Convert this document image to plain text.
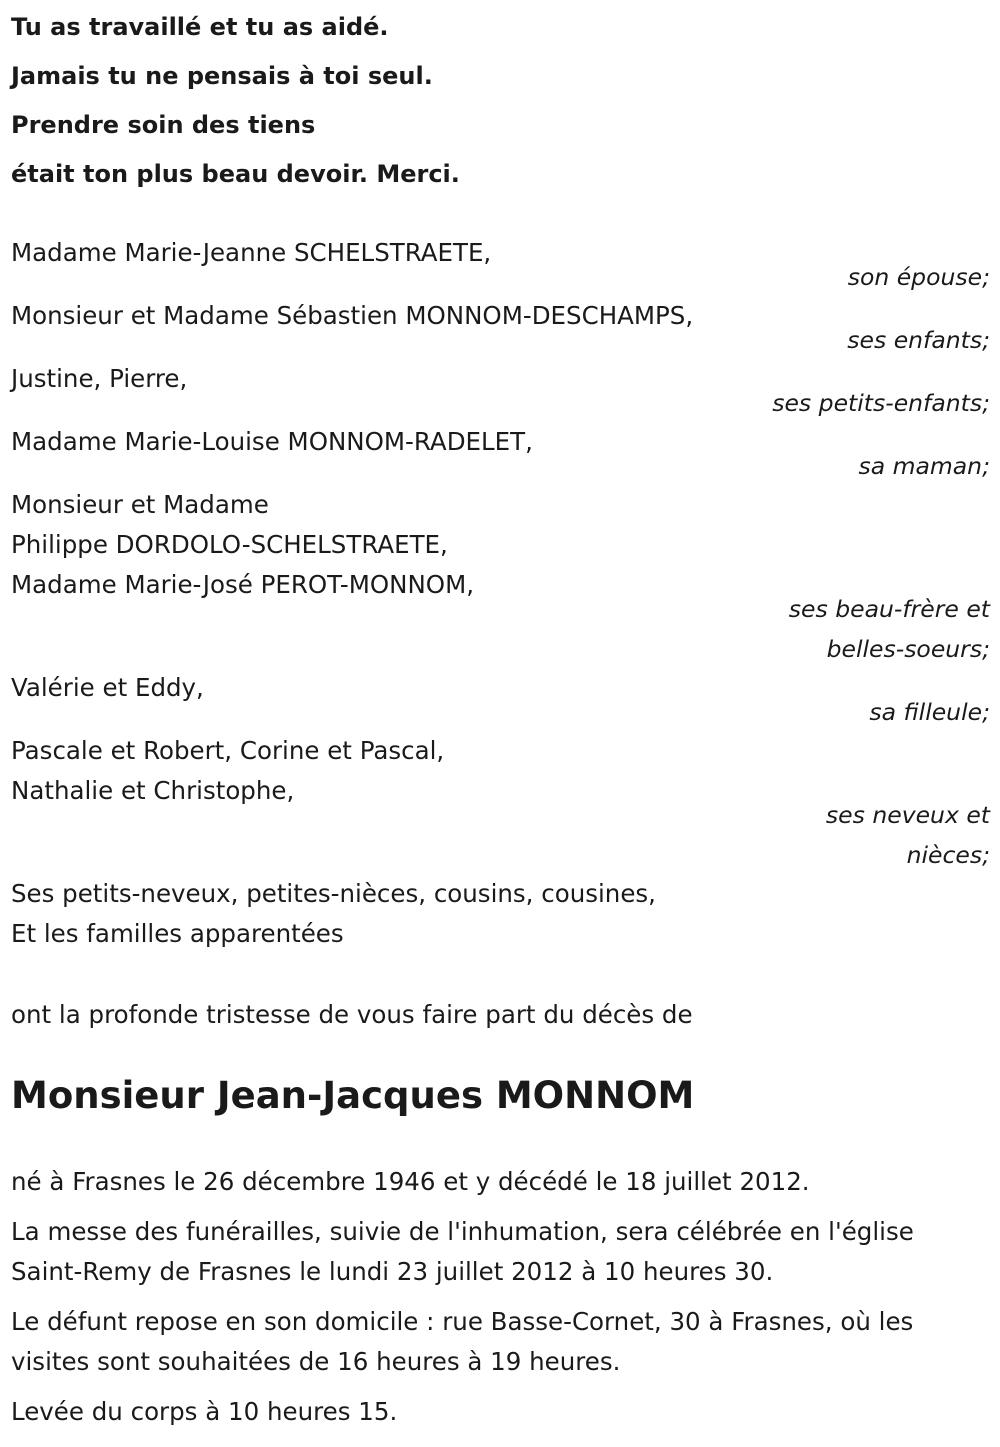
Tu as travaillé et tu as aidé.
Jamais tu ne pensais à toi seul.
Prendre soin des tiens
était ton plus beau devoir. Merci.
Madame Marie-Jeanne SCHELSTRAETE,
son épouse;
Monsieur et Madame Sébastien MONNOM-DESCHAMPS,
ses enfants;
Justine, Pierre,
ses petits-enfants;
Madame Marie-Louise MONNOM-RADELET,
sa maman;
Monsieur et Madame
Philippe DORDOLO-SCHELSTRAETE,
Madame Marie-José PEROT-MONNOM,
ses beau-frère et
belles-soeurs;
Valérie et Eddy,
sa filleule;
Pascale et Robert, Corine et Pascal,
Nathalie et Christophe,
ses neveux et
nièces;
Ses petits-neveux, petites-nièces, cousins, cousines,
Et les familles apparentées
ont la profonde tristesse de vous faire part du décès de
Monsieur Jean-Jacques MONNOM
né à Frasnes le 26 décembre 1946 et y décédé le 18 juillet 2012.
La messe des funérailles, suivie de l'inhumation, sera célébrée en l'église Saint-Remy de Frasnes le lundi 23 juillet 2012 à 10 heures 30.
Le défunt repose en son domicile : rue Basse-Cornet, 30 à Frasnes, où les visites sont souhaitées de 16 heures à 19 heures.
Levée du corps à 10 heures 15.
